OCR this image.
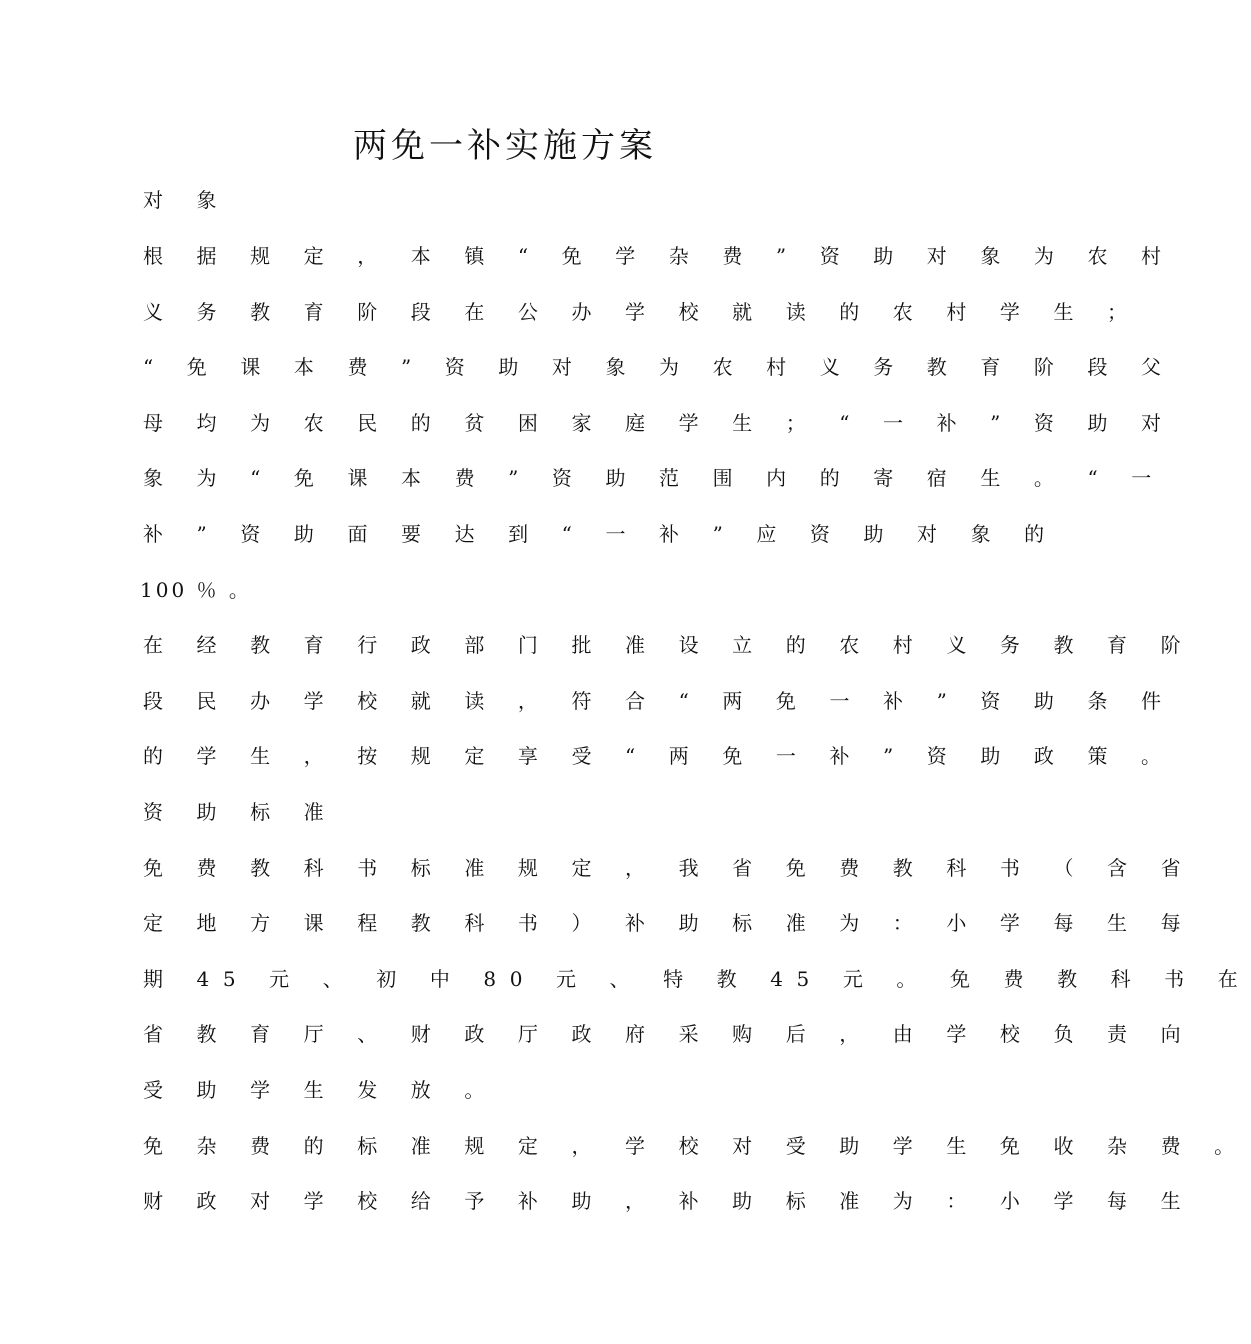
两免一补实施方案
对 象
根 据 规 定 ， 本 镇 “ 免 学 杂 费 ” 资 助 对 象 为 农 村
义 务 教 育 阶 段 在 公 办 学 校 就 读 的 农 村 学 生 ；
“ 免 课 本 费 ” 资 助 对 象 为 农 村 义 务 教 育 阶 段 父
母 均 为 农 民 的 贫 困 家 庭 学 生 ； “ 一 补 ” 资 助 对
象 为 “ 免 课 本 费 ” 资 助 范 围 内 的 寄 宿 生 。 “ 一
补 ” 资 助 面 要 达 到 “ 一 补 ” 应 资 助 对 象 的
100 ％ 。
在 经 教 育 行 政 部 门 批 准 设 立 的 农 村 义 务 教 育 阶
段 民 办 学 校 就 读 ， 符 合 “ 两 免 一 补 ” 资 助 条 件
的 学 生 ， 按 规 定 享 受 “ 两 免 一 补 ” 资 助 政 策 。
资 助 标 准
免 费 教 科 书 标 准 规 定 ， 我 省 免 费 教 科 书 （ 含 省
定 地 方 课 程 教 科 书 ） 补 助 标 准 为 ： 小 学 每 生 每
期 45 元 、 初 中 80 元 、 特 教 45 元 。 免 费 教 科 书 在
省 教 育 厅 、 财 政 厅 政 府 采 购 后 ， 由 学 校 负 责 向
受 助 学 生 发 放 。
免 杂 费 的 标 准 规 定 ， 学 校 对 受 助 学 生 免 收 杂 费 。
财 政 对 学 校 给 予 补 助 ， 补 助 标 准 为 ： 小 学 每 生
